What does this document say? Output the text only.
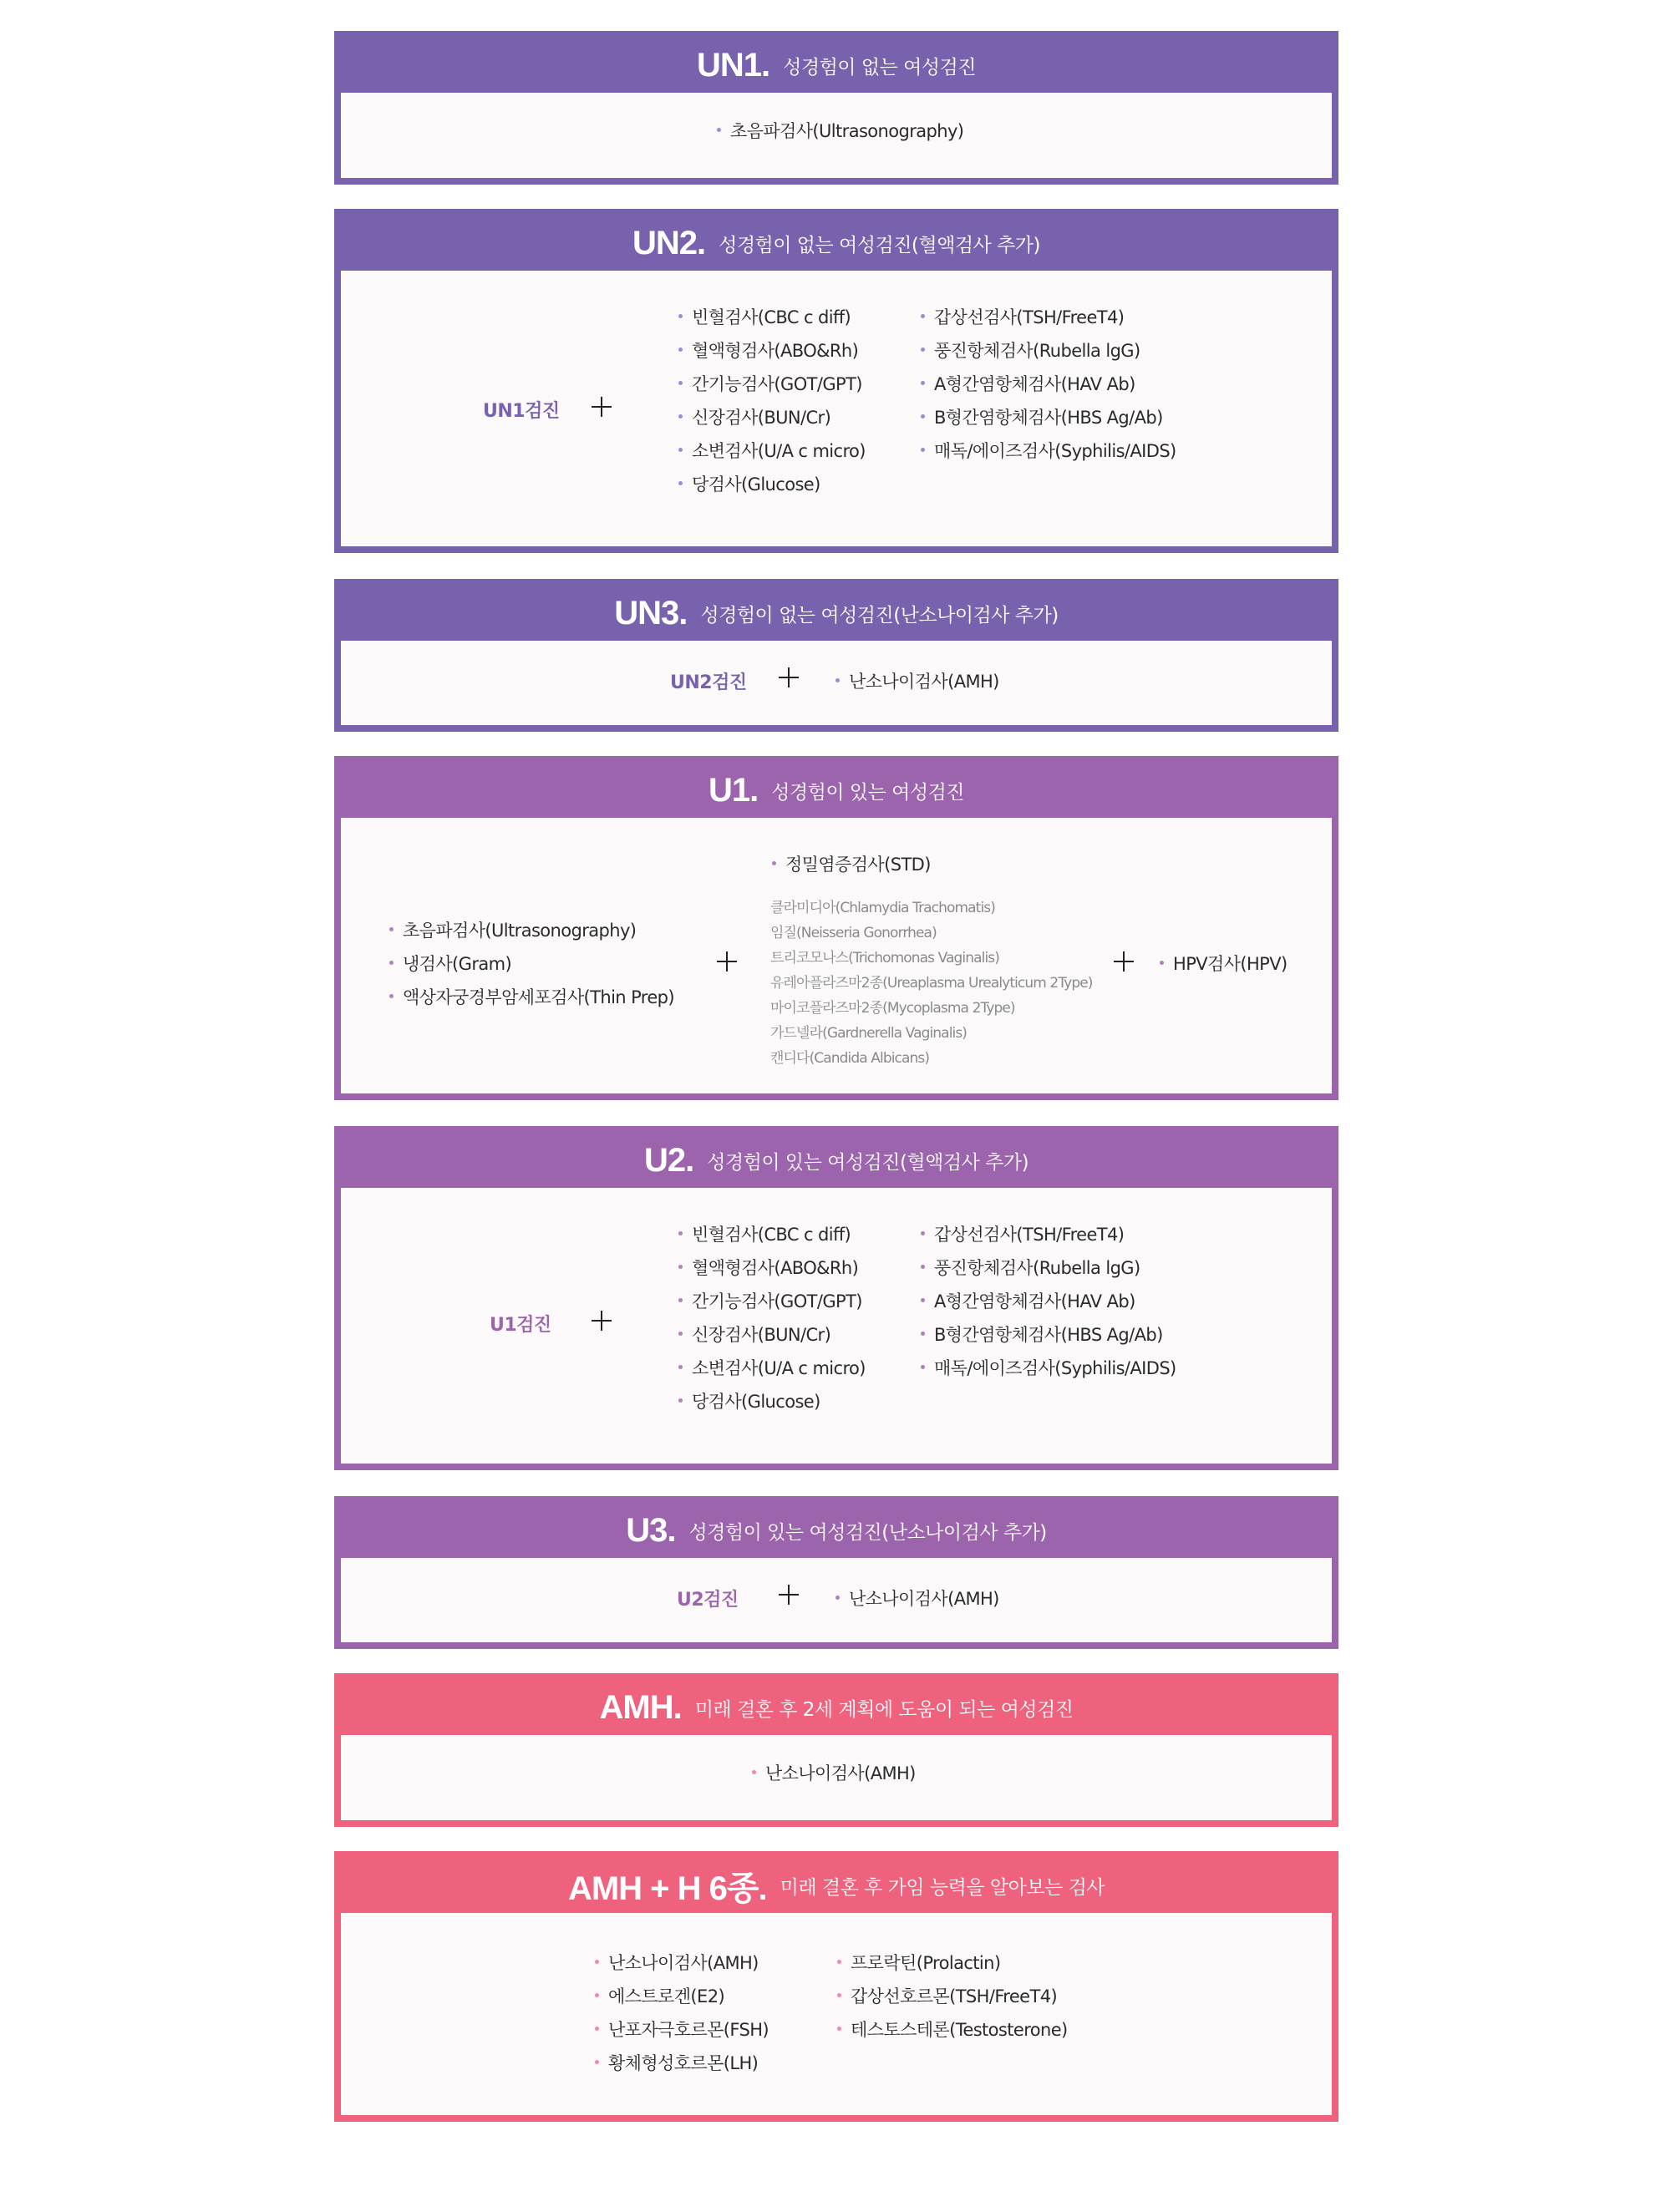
UN1. 성경험이 없는 여성검진
초음파검사(Ultrasonography)
UN2. 성경험이 없는 여성검진(혈액검사 추가)
UN1검진
빈혈검사(CBC c diff)
혈액형검사(ABO&Rh)
간기능검사(GOT/GPT)
신장검사(BUN/Cr)
소변검사(U/A c micro)
당검사(Glucose)
갑상선검사(TSH/FreeT4)
풍진항체검사(Rubella lgG)
A형간염항체검사(HAV Ab)
B형간염항체검사(HBS Ag/Ab)
매독/에이즈검사(Syphilis/AIDS)
UN3. 성경험이 없는 여성검진(난소나이검사 추가)
UN2검진	난소나이검사(AMH)
U1. 성경험이 있는 여성검진
초음파검사(Ultrasonography)
냉검사(Gram)
액상자궁경부암세포검사(Thin Prep)
정밀염증검사(STD)
클라미디아(Chlamydia Trachomatis)
임질(Neisseria Gonorrhea)
트리코모나스(Trichomonas Vaginalis)
유레아플라즈마2종(Ureaplasma Urealyticum 2Type)
마이코플라즈마2종(Mycoplasma 2Type)
가드넬라(Gardnerella Vaginalis)
캔디다(Candida Albicans)
HPV검사(HPV)
U2. 성경험이 있는 여성검진(혈액검사 추가)
U1검진
빈혈검사(CBC c diff)
혈액형검사(ABO&Rh)
간기능검사(GOT/GPT)
신장검사(BUN/Cr)
소변검사(U/A c micro)
당검사(Glucose)
갑상선검사(TSH/FreeT4)
풍진항체검사(Rubella lgG)
A형간염항체검사(HAV Ab)
B형간염항체검사(HBS Ag/Ab)
매독/에이즈검사(Syphilis/AIDS)
U3. 성경험이 있는 여성검진(난소나이검사 추가)
U2검진	난소나이검사(AMH)
AMH. 미래 결혼 후 2세 계획에 도움이 되는 여성검진
난소나이검사(AMH)
AMH + H 6종. 미래 결혼 후 가임 능력을 알아보는 검사
난소나이검사(AMH)
에스트로겐(E2)
난포자극호르몬(FSH)
황체형성호르몬(LH)
프로락틴(Prolactin)
갑상선호르몬(TSH/FreeT4)
테스토스테론(Testosterone)
